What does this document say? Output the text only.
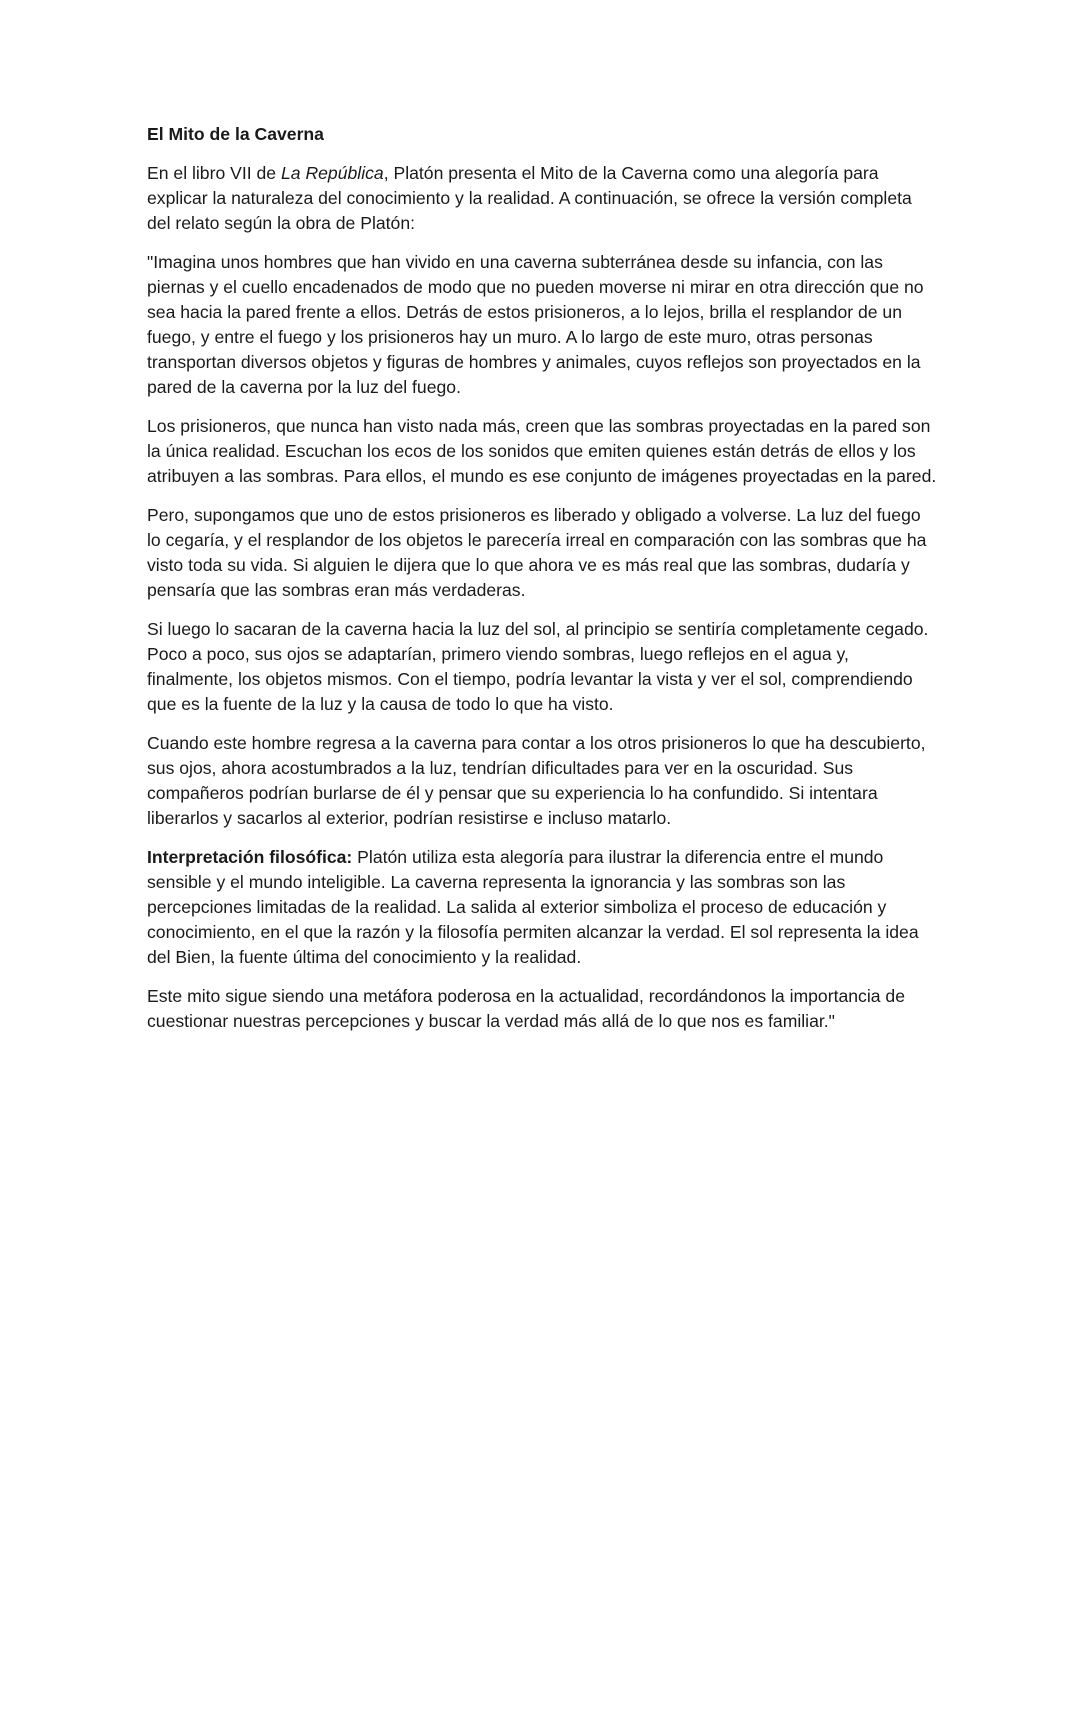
El Mito de la Caverna

En el libro VII de La República, Platón presenta el Mito de la Caverna como una alegoría para explicar la naturaleza del conocimiento y la realidad. A continuación, se ofrece la versión completa del relato según la obra de Platón:

"Imagina unos hombres que han vivido en una caverna subterránea desde su infancia, con las piernas y el cuello encadenados de modo que no pueden moverse ni mirar en otra dirección que no sea hacia la pared frente a ellos. Detrás de estos prisioneros, a lo lejos, brilla el resplandor de un fuego, y entre el fuego y los prisioneros hay un muro. A lo largo de este muro, otras personas transportan diversos objetos y figuras de hombres y animales, cuyos reflejos son proyectados en la pared de la caverna por la luz del fuego.

Los prisioneros, que nunca han visto nada más, creen que las sombras proyectadas en la pared son la única realidad. Escuchan los ecos de los sonidos que emiten quienes están detrás de ellos y los atribuyen a las sombras. Para ellos, el mundo es ese conjunto de imágenes proyectadas en la pared.

Pero, supongamos que uno de estos prisioneros es liberado y obligado a volverse. La luz del fuego lo cegaría, y el resplandor de los objetos le parecería irreal en comparación con las sombras que ha visto toda su vida. Si alguien le dijera que lo que ahora ve es más real que las sombras, dudaría y pensaría que las sombras eran más verdaderas.

Si luego lo sacaran de la caverna hacia la luz del sol, al principio se sentiría completamente cegado. Poco a poco, sus ojos se adaptarían, primero viendo sombras, luego reflejos en el agua y, finalmente, los objetos mismos. Con el tiempo, podría levantar la vista y ver el sol, comprendiendo que es la fuente de la luz y la causa de todo lo que ha visto.

Cuando este hombre regresa a la caverna para contar a los otros prisioneros lo que ha descubierto, sus ojos, ahora acostumbrados a la luz, tendrían dificultades para ver en la oscuridad. Sus compañeros podrían burlarse de él y pensar que su experiencia lo ha confundido. Si intentara liberarlos y sacarlos al exterior, podrían resistirse e incluso matarlo.

Interpretación filosófica: Platón utiliza esta alegoría para ilustrar la diferencia entre el mundo sensible y el mundo inteligible. La caverna representa la ignorancia y las sombras son las percepciones limitadas de la realidad. La salida al exterior simboliza el proceso de educación y conocimiento, en el que la razón y la filosofía permiten alcanzar la verdad. El sol representa la idea del Bien, la fuente última del conocimiento y la realidad.

Este mito sigue siendo una metáfora poderosa en la actualidad, recordándonos la importancia de cuestionar nuestras percepciones y buscar la verdad más allá de lo que nos es familiar."
